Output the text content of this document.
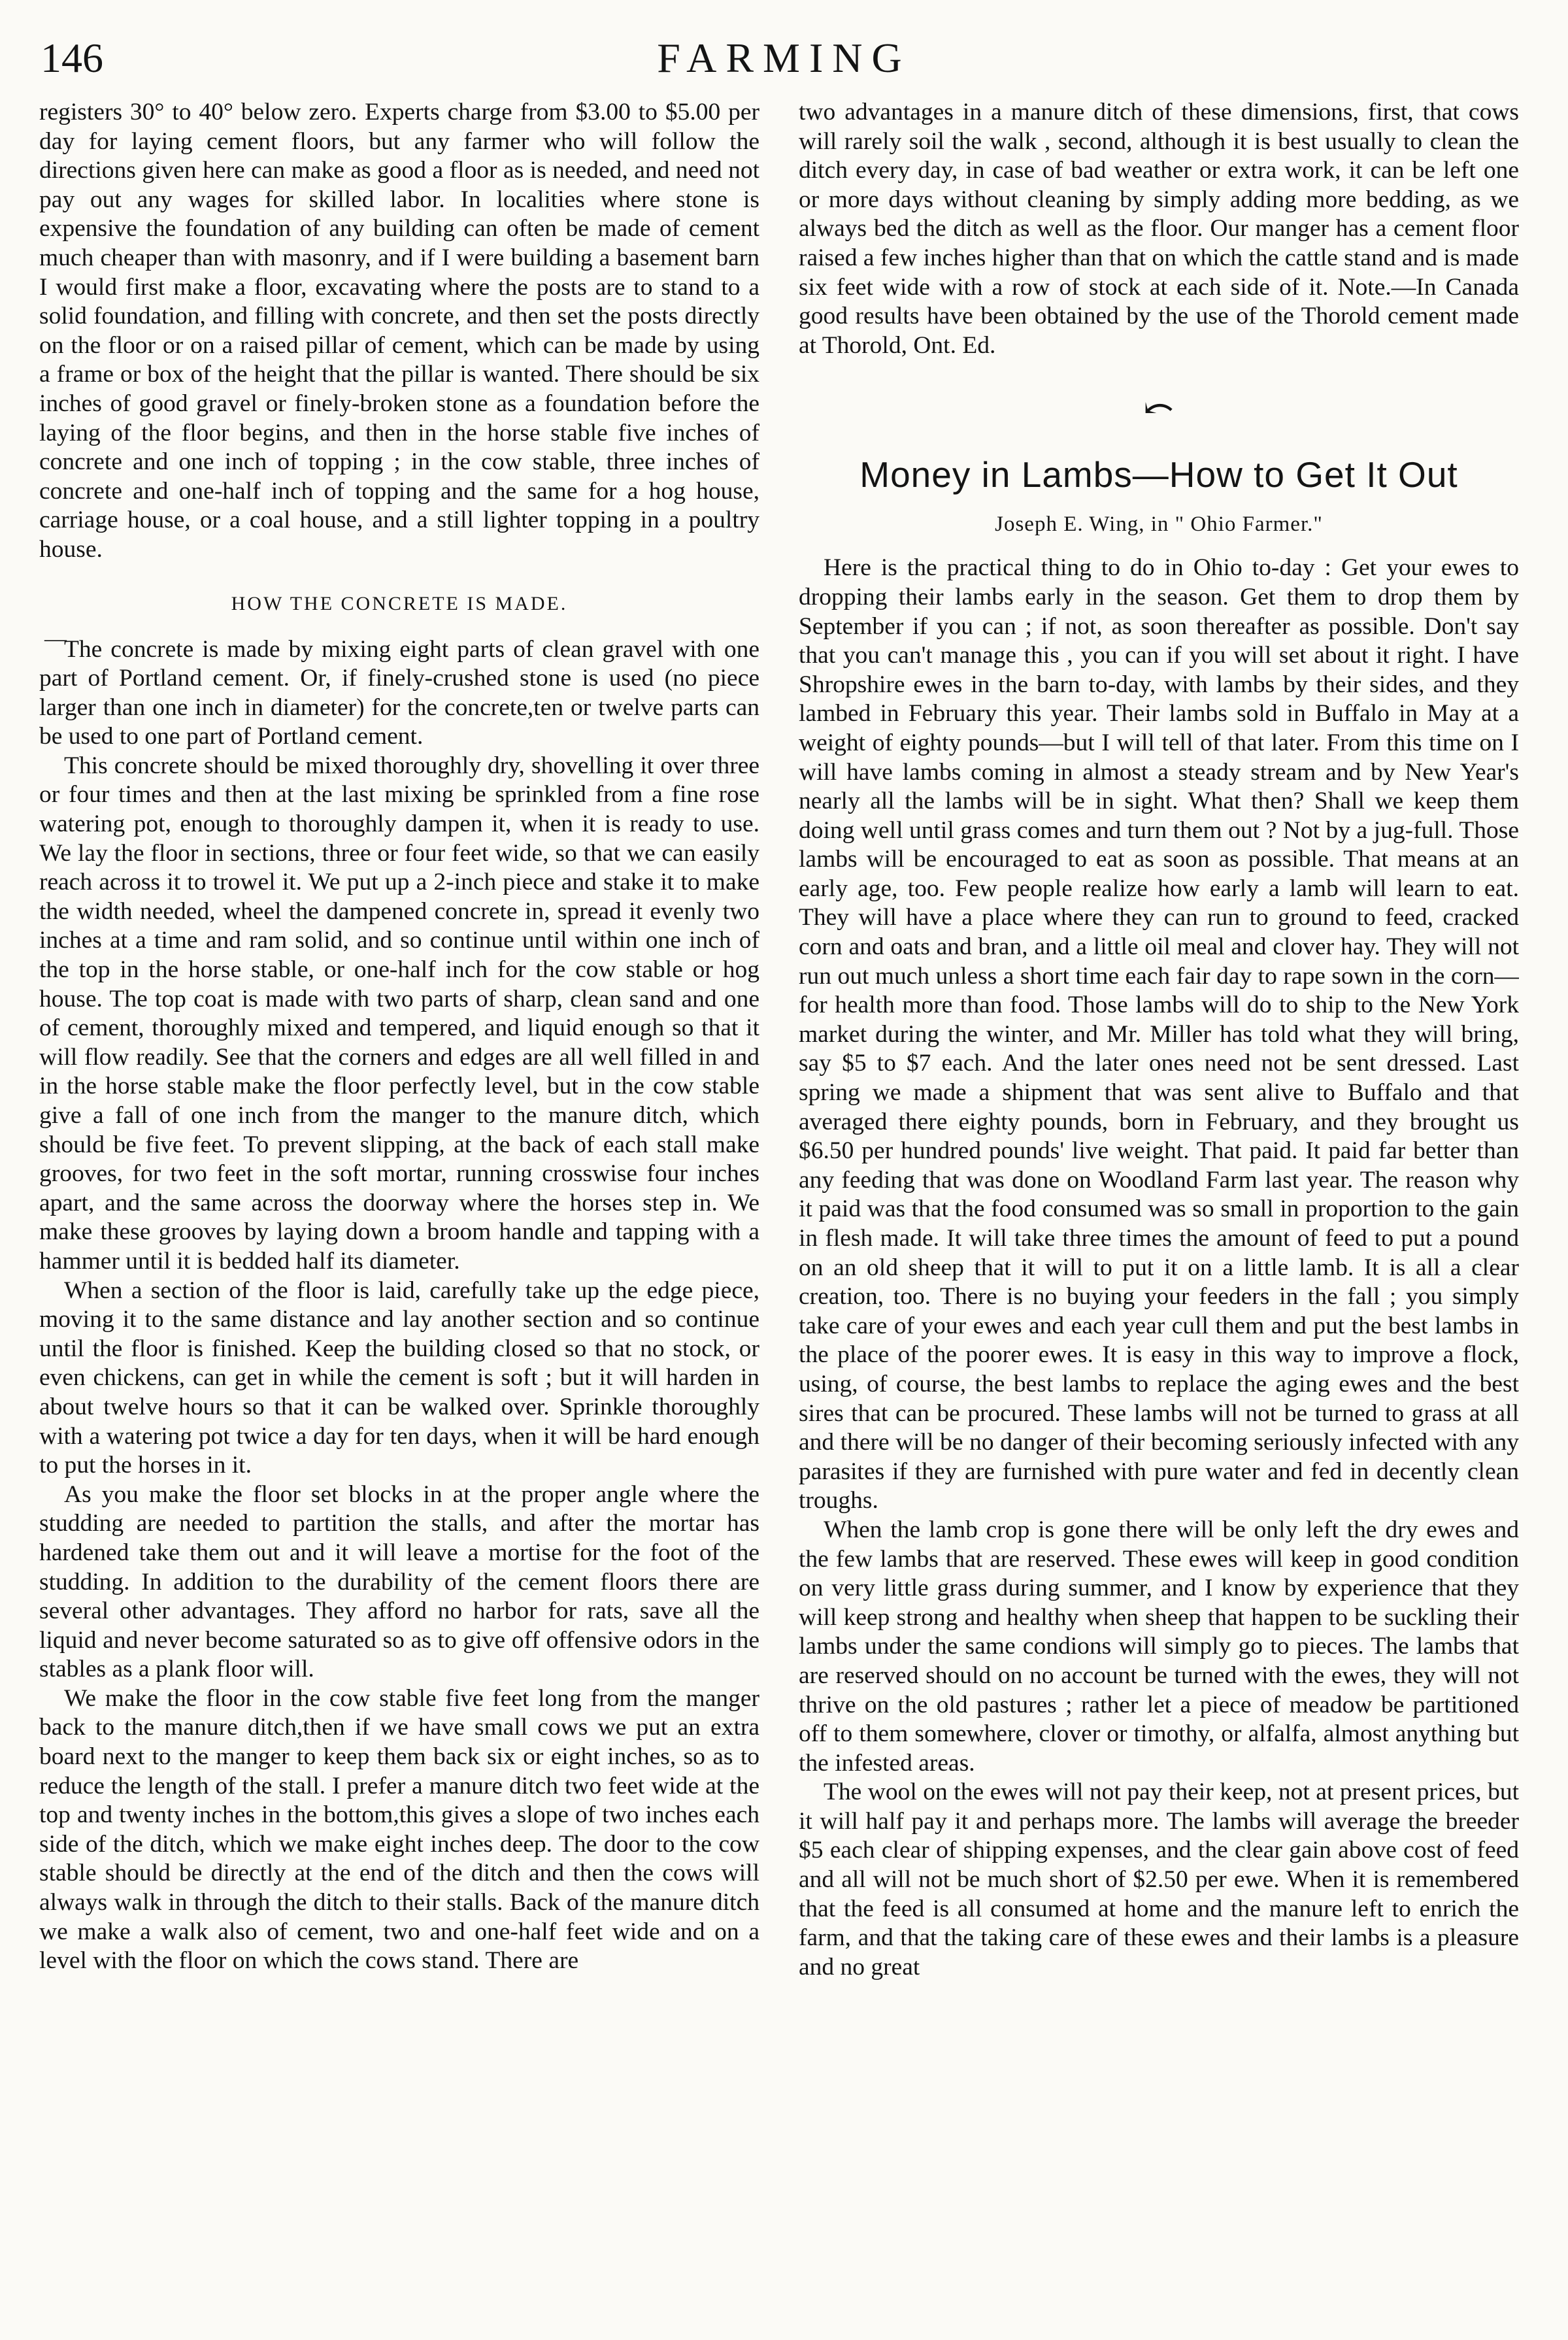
146	FARMING

registers 30° to 40° below zero. Experts charge from $3.00 to $5.00 per day for laying cement floors, but any farmer who will follow the directions given here can make as good a floor as is needed, and need not pay out any wages for skilled labor. In localities where stone is expensive the foundation of any building can often be made of cement much cheaper than with masonry, and if I were building a basement barn I would first make a floor, excavating where the posts are to stand to a solid foundation, and filling with concrete, and then set the posts directly on the floor or on a raised pillar of cement, which can be made by using a frame or box of the height that the pillar is wanted. There should be six inches of good gravel or finely-broken stone as a foundation before the laying of the floor begins, and then in the horse stable five inches of concrete and one inch of topping ; in the cow stable, three inches of concrete and one-half inch of topping and the same for a hog house, carriage house, or a coal house, and a still lighter topping in a poultry house.

HOW THE CONCRETE IS MADE.
—

The concrete is made by mixing eight parts of clean gravel with one part of Portland cement. Or, if finely-crushed stone is used (no piece larger than one inch in diameter) for the concrete,ten or twelve parts can be used to one part of Portland cement.

This concrete should be mixed thoroughly dry, shovelling it over three or four times and then at the last mixing be sprinkled from a fine rose watering pot, enough to thoroughly dampen it, when it is ready to use. We lay the floor in sections, three or four feet wide, so that we can easily reach across it to trowel it. We put up a 2-inch piece and stake it to make the width needed, wheel the dampened concrete in, spread it evenly two inches at a time and ram solid, and so continue until within one inch of the top in the horse stable, or one-half inch for the cow stable or hog house. The top coat is made with two parts of sharp, clean sand and one of cement, thoroughly mixed and tempered, and liquid enough so that it will flow readily. See that the corners and edges are all well filled in and in the horse stable make the floor perfectly level, but in the cow stable give a fall of one inch from the manger to the manure ditch, which should be five feet. To prevent slipping, at the back of each stall make grooves, for two feet in the soft mortar, running crosswise four inches apart, and the same across the doorway where the horses step in. We make these grooves by laying down a broom handle and tapping with a hammer until it is bedded half its diameter.

When a section of the floor is laid, carefully take up the edge piece, moving it to the same distance and lay another section and so continue until the floor is finished. Keep the building closed so that no stock, or even chickens, can get in while the cement is soft ; but it will harden in about twelve hours so that it can be walked over. Sprinkle thoroughly with a watering pot twice a day for ten days, when it will be hard enough to put the horses in it.

As you make the floor set blocks in at the proper angle where the studding are needed to partition the stalls, and after the mortar has hardened take them out and it will leave a mortise for the foot of the studding. In addition to the durability of the cement floors there are several other advantages. They afford no harbor for rats, save all the liquid and never become saturated so as to give off offensive odors in the stables as a plank floor will.

We make the floor in the cow stable five feet long from the manger back to the manure ditch,then if we have small cows we put an extra board next to the manger to keep them back six or eight inches, so as to reduce the length of the stall. I prefer a manure ditch two feet wide at the top and twenty inches in the bottom,this gives a slope of two inches each side of the ditch, which we make eight inches deep. The door to the cow stable should be directly at the end of the ditch and then the cows will always walk in through the ditch to their stalls. Back of the manure ditch we make a walk also of cement, two and one-half feet wide and on a level with the floor on which the cows stand. There are

two advantages in a manure ditch of these dimensions, first, that cows will rarely soil the walk , second, although it is best usually to clean the ditch every day, in case of bad weather or extra work, it can be left one or more days without cleaning by simply adding more bedding, as we always bed the ditch as well as the floor. Our manger has a cement floor raised a few inches higher than that on which the cattle stand and is made six feet wide with a row of stock at each side of it. Note.—In Canada good results have been obtained by the use of the Thorold cement made at Thorold, Ont. Ed.

⤺
Money in Lambs—How to Get It Out
Joseph E. Wing, in " Ohio Farmer."

Here is the practical thing to do in Ohio to-day : Get your ewes to dropping their lambs early in the season. Get them to drop them by September if you can ; if not, as soon thereafter as possible. Don't say that you can't manage this , you can if you will set about it right. I have Shropshire ewes in the barn to-day, with lambs by their sides, and they lambed in February this year. Their lambs sold in Buffalo in May at a weight of eighty pounds—but I will tell of that later. From this time on I will have lambs coming in almost a steady stream and by New Year's nearly all the lambs will be in sight. What then? Shall we keep them doing well until grass comes and turn them out ? Not by a jug-full. Those lambs will be encouraged to eat as soon as possible. That means at an early age, too. Few people realize how early a lamb will learn to eat. They will have a place where they can run to ground to feed, cracked corn and oats and bran, and a little oil meal and clover hay. They will not run out much unless a short time each fair day to rape sown in the corn—for health more than food. Those lambs will do to ship to the New York market during the winter, and Mr. Miller has told what they will bring, say $5 to $7 each. And the later ones need not be sent dressed. Last spring we made a shipment that was sent alive to Buffalo and that averaged there eighty pounds, born in February, and they brought us $6.50 per hundred pounds' live weight. That paid. It paid far better than any feeding that was done on Woodland Farm last year. The reason why it paid was that the food consumed was so small in proportion to the gain in flesh made. It will take three times the amount of feed to put a pound on an old sheep that it will to put it on a little lamb. It is all a clear creation, too. There is no buying your feeders in the fall ; you simply take care of your ewes and each year cull them and put the best lambs in the place of the poorer ewes. It is easy in this way to improve a flock, using, of course, the best lambs to replace the aging ewes and the best sires that can be procured. These lambs will not be turned to grass at all and there will be no danger of their becoming seriously infected with any parasites if they are furnished with pure water and fed in decently clean troughs.

When the lamb crop is gone there will be only left the dry ewes and the few lambs that are reserved. These ewes will keep in good condition on very little grass during summer, and I know by experience that they will keep strong and healthy when sheep that happen to be suckling their lambs under the same condions will simply go to pieces. The lambs that are reserved should on no account be turned with the ewes, they will not thrive on the old pastures ; rather let a piece of meadow be partitioned off to them somewhere, clover or timothy, or alfalfa, almost anything but the infested areas.

The wool on the ewes will not pay their keep, not at present prices, but it will half pay it and perhaps more. The lambs will average the breeder $5 each clear of shipping expenses, and the clear gain above cost of feed and all will not be much short of $2.50 per ewe. When it is remembered that the feed is all consumed at home and the manure left to enrich the farm, and that the taking care of these ewes and their lambs is a pleasure and no great
